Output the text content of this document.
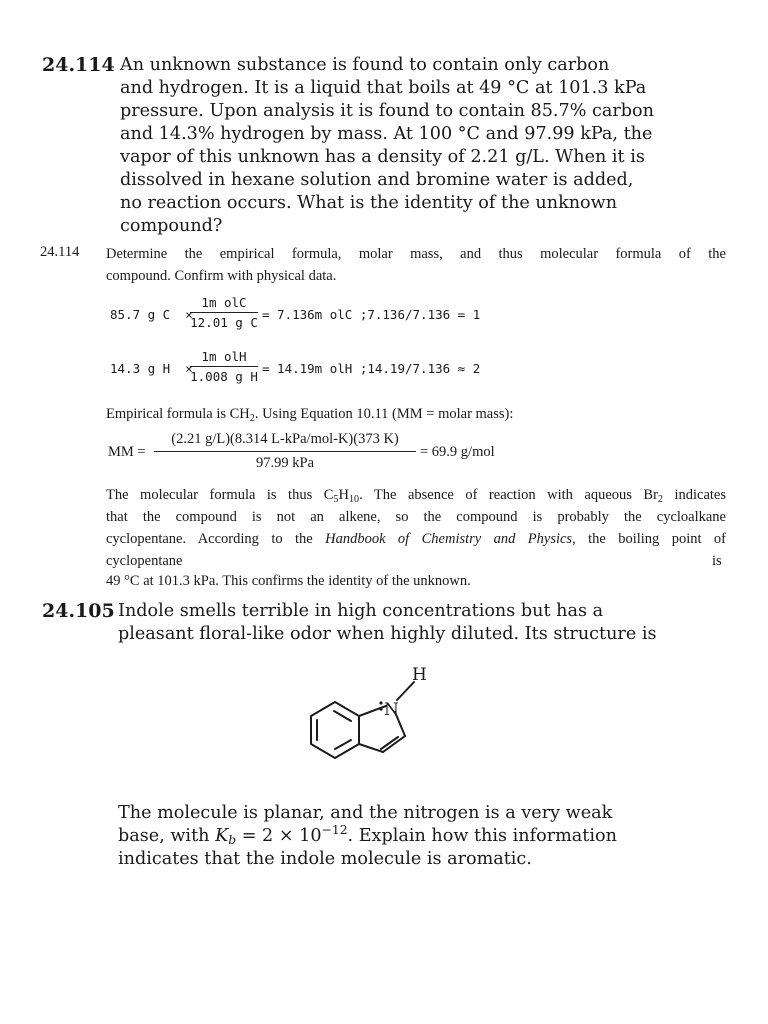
24.114 An unknown substance is found to contain only carbon
and hydrogen. It is a liquid that boils at 49 °C at 101.3 kPa
pressure. Upon analysis it is found to contain 85.7% carbon
and 14.3% hydrogen by mass. At 100 °C and 97.99 kPa, the
vapor of this unknown has a density of 2.21 g/L. When it is
dissolved in hexane solution and bromine water is added,
no reaction occurs. What is the identity of the unknown
compound?
24.114 Determine the empirical formula, molar mass, and thus molecular formula of the
compound. Confirm with physical data.
85.7 g C  ×
1m olC
12.01 g C
= 7.136m olC ;7.136/7.136 = 1
14.3 g H  ×
1m olH
1.008 g H
= 14.19m olH ;14.19/7.136 ≈ 2
Empirical formula is $CH_2$. Using Equation 10.11 (MM = molar mass):
MM =
(2.21 g/L)(8.314 L-kPa/mol-K)(373 K)
97.99 kPa
= 69.9 g/mol
The molecular formula is thus $C_5H_{10}$. The absence of reaction with aqueous $Br_2$ indicates
that the compound is not an alkene, so the compound is probably the cycloalkane
cyclopentane. According to the Handbook of Chemistry and Physics, the boiling point of
cyclopentane	is
49 °C at 101.3 kPa. This confirms the identity of the unknown.
24.105 Indole smells terrible in high concentrations but has a
pleasant floral-like odor when highly diluted. Its structure is
N
H
The molecule is planar, and the nitrogen is a very weak
base, with $K_b = 2 \times 10^{-12}$. Explain how this information
indicates that the indole molecule is aromatic.
